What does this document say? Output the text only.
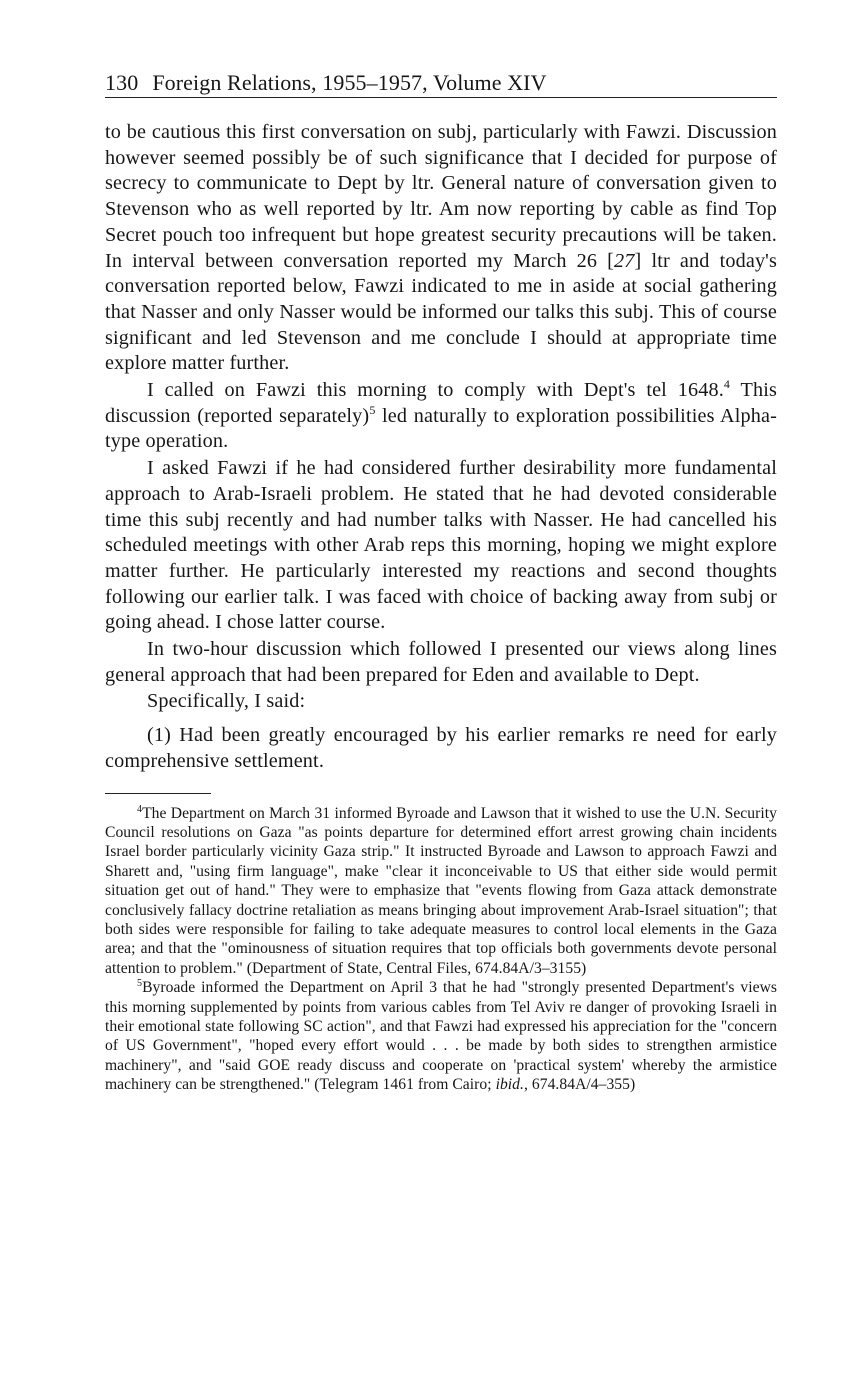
130 Foreign Relations, 1955–1957, Volume XIV

to be cautious this first conversation on subj, particularly with Fawzi. Discussion however seemed possibly be of such significance that I decided for purpose of secrecy to communicate to Dept by ltr. General nature of conversation given to Stevenson who as well reported by ltr. Am now reporting by cable as find Top Secret pouch too infrequent but hope greatest security precautions will be taken. In interval between conversation reported my March 26 [27] ltr and today's conversation reported below, Fawzi indicated to me in aside at social gathering that Nasser and only Nasser would be informed our talks this subj. This of course significant and led Stevenson and me conclude I should at appropriate time explore matter further.

I called on Fawzi this morning to comply with Dept's tel 1648.$^4$ This discussion (reported separately)$^5$ led naturally to exploration possibilities Alpha-type operation.

I asked Fawzi if he had considered further desirability more fundamental approach to Arab-Israeli problem. He stated that he had devoted considerable time this subj recently and had number talks with Nasser. He had cancelled his scheduled meetings with other Arab reps this morning, hoping we might explore matter further. He particularly interested my reactions and second thoughts following our earlier talk. I was faced with choice of backing away from subj or going ahead. I chose latter course.

In two-hour discussion which followed I presented our views along lines general approach that had been prepared for Eden and available to Dept.

Specifically, I said:

(1) Had been greatly encouraged by his earlier remarks re need for early comprehensive settlement.

$^4$The Department on March 31 informed Byroade and Lawson that it wished to use the U.N. Security Council resolutions on Gaza "as points departure for determined effort arrest growing chain incidents Israel border particularly vicinity Gaza strip." It instructed Byroade and Lawson to approach Fawzi and Sharett and, "using firm language", make "clear it inconceivable to US that either side would permit situation get out of hand." They were to emphasize that "events flowing from Gaza attack demonstrate conclusively fallacy doctrine retaliation as means bringing about improvement Arab-Israel situation"; that both sides were responsible for failing to take adequate measures to control local elements in the Gaza area; and that the "ominousness of situation requires that top officials both governments devote personal attention to problem." (Department of State, Central Files, 674.84A/3–3155)

$^5$Byroade informed the Department on April 3 that he had "strongly presented Department's views this morning supplemented by points from various cables from Tel Aviv re danger of provoking Israeli in their emotional state following SC action", and that Fawzi had expressed his appreciation for the "concern of US Government", "hoped every effort would . . . be made by both sides to strengthen armistice machinery", and "said GOE ready discuss and cooperate on 'practical system' whereby the armistice machinery can be strengthened." (Telegram 1461 from Cairo; ibid., 674.84A/4–355)
